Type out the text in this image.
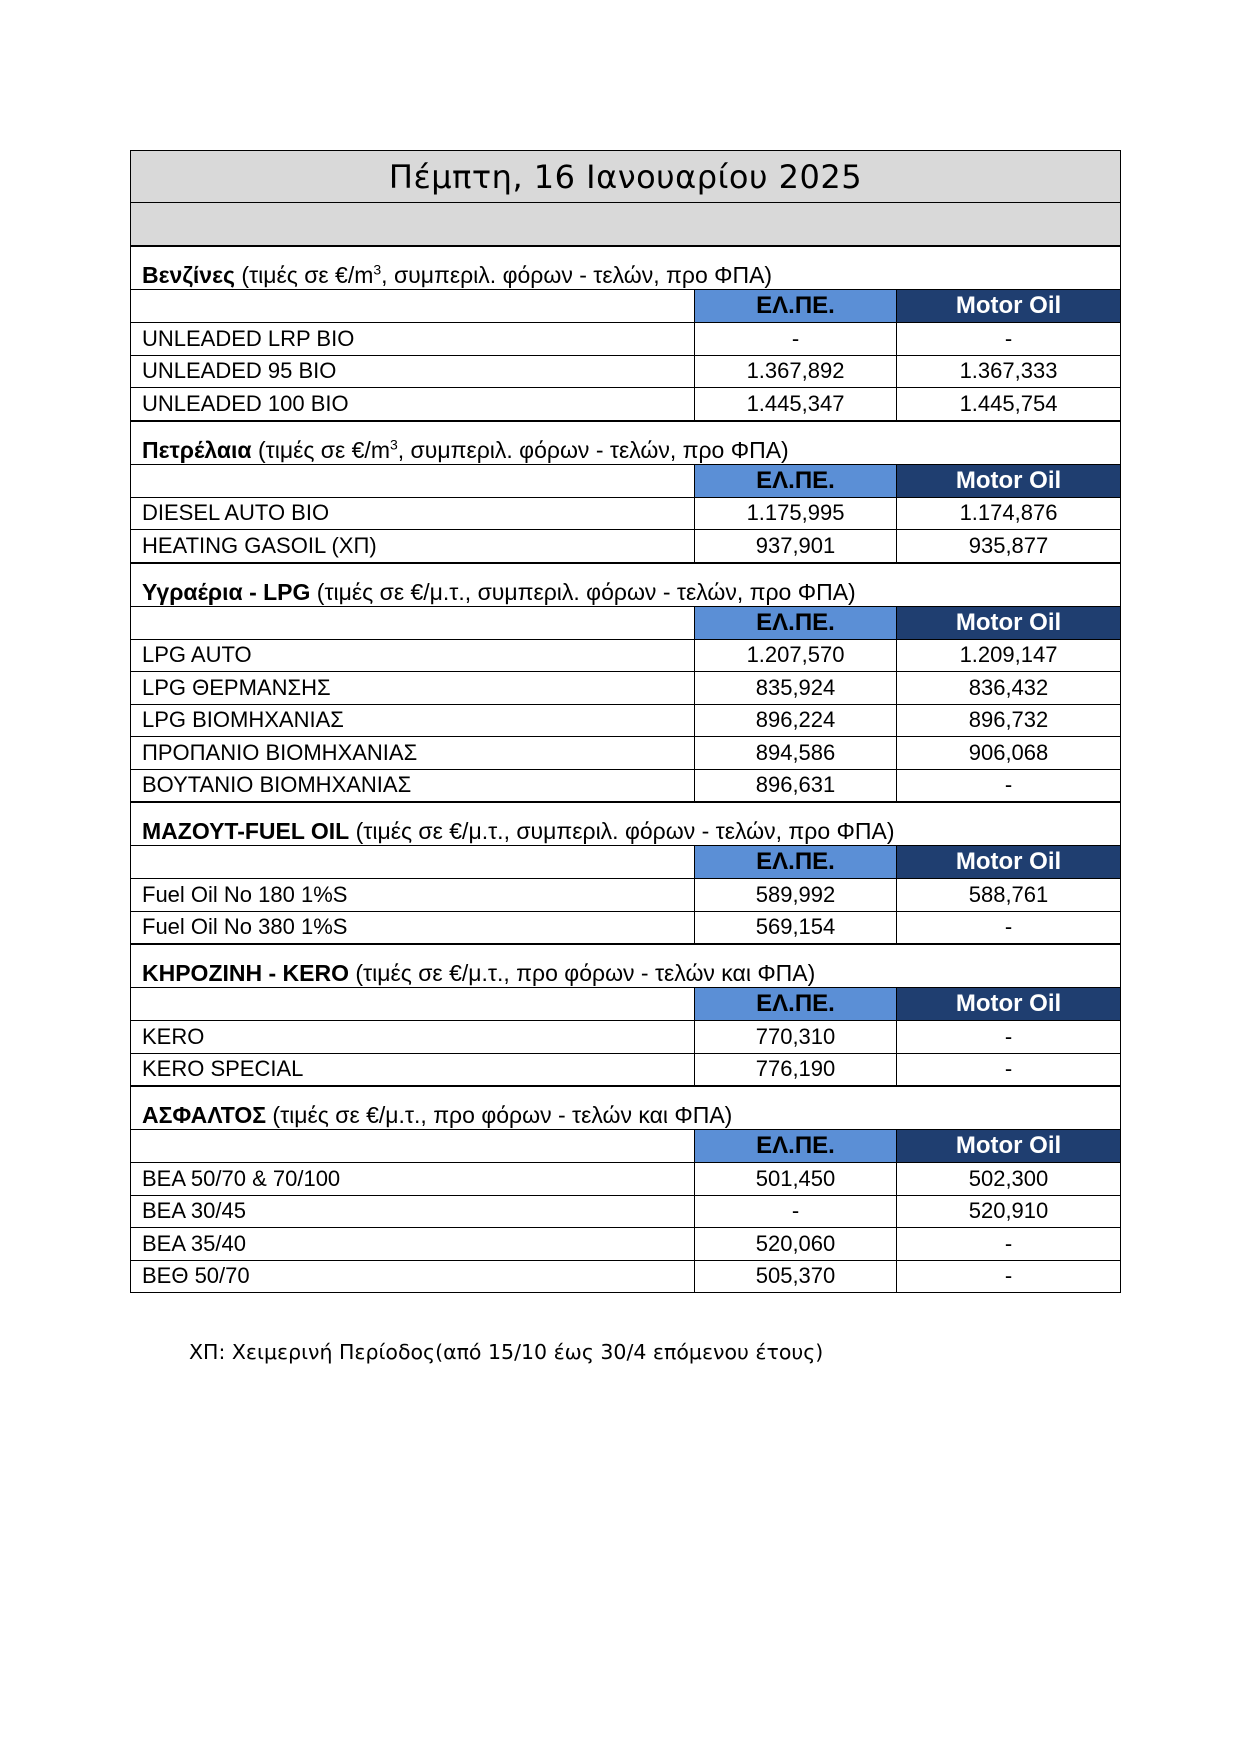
Πέμπτη, 16 Ιανουαρίου 2025		

Βενζίνες (τιμές σε $€/m^3$, συμπεριλ. φόρων - τελών, προ ΦΠΑ)		
	ΕΛ.ΠΕ.	Motor Oil
UNLEADED LRP BIO	-	-
UNLEADED 95 BIO	1.367,892	1.367,333
UNLEADED 100 BIO	1.445,347	1.445,754
Πετρέλαια (τιμές σε $€/m^3$, συμπεριλ. φόρων - τελών, προ ΦΠΑ)		
	ΕΛ.ΠΕ.	Motor Oil
DIESEL AUTO BIO	1.175,995	1.174,876
HEATING GASOIL (ΧΠ)	937,901	935,877
Υγραέρια - LPG (τιμές σε €/μ.τ., συμπεριλ. φόρων - τελών, προ ΦΠΑ)		
	ΕΛ.ΠΕ.	Motor Oil
LPG AUTO	1.207,570	1.209,147
LPG ΘΕΡΜΑΝΣΗΣ	835,924	836,432
LPG ΒΙΟΜΗΧΑΝΙΑΣ	896,224	896,732
ΠΡΟΠΑΝΙΟ ΒΙΟΜΗΧΑΝΙΑΣ	894,586	906,068
ΒΟΥΤΑΝΙΟ ΒΙΟΜΗΧΑΝΙΑΣ	896,631	-
ΜΑΖΟΥΤ-FUEL OIL (τιμές σε €/μ.τ., συμπεριλ. φόρων - τελών, προ ΦΠΑ)		
	ΕΛ.ΠΕ.	Motor Oil
Fuel Oil No 180 1%S	589,992	588,761
Fuel Oil No 380 1%S	569,154	-
ΚΗΡΟΖΙΝΗ - KERO (τιμές σε €/μ.τ., προ φόρων - τελών και ΦΠΑ)		
	ΕΛ.ΠΕ.	Motor Oil
KERO	770,310	-
KERO SPECIAL	776,190	-
ΑΣΦΑΛΤΟΣ (τιμές σε €/μ.τ., προ φόρων - τελών και ΦΠΑ)		
	ΕΛ.ΠΕ.	Motor Oil
ΒΕΑ 50/70 & 70/100	501,450	502,300
ΒΕΑ 30/45	-	520,910
ΒΕΑ 35/40	520,060	-
ΒΕΘ 50/70	505,370	-
ΧΠ: Χειμερινή Περίοδος(από 15/10 έως 30/4 επόμενου έτους)
